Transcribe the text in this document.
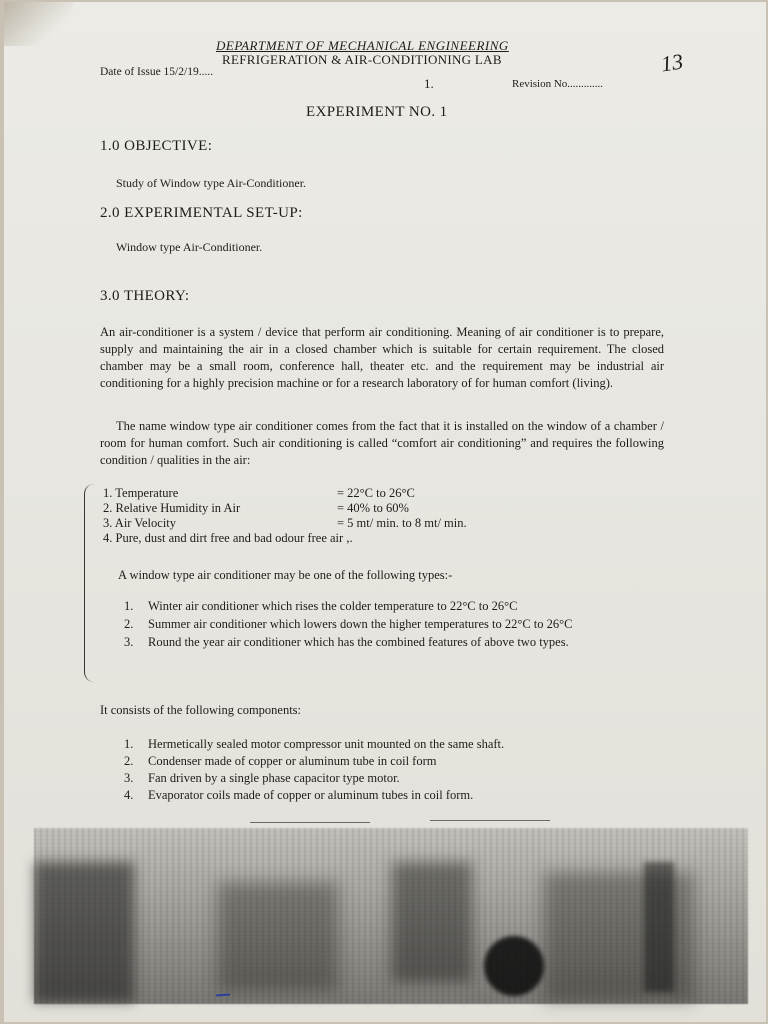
DEPARTMENT OF MECHANICAL ENGINEERING
REFRIGERATION & AIR-CONDITIONING LAB
Date of Issue 15/2/19.....
1.	Revision No.............
13
EXPERIMENT NO. 1
1.0 OBJECTIVE:
Study of Window type Air-Conditioner.
2.0 EXPERIMENTAL SET-UP:
Window type Air-Conditioner.
3.0 THEORY:
An air-conditioner is a system / device that perform air conditioning. Meaning of air conditioner is to prepare, supply and maintaining the air in a closed chamber which is suitable for certain requirement. The closed chamber may be a small room, conference hall, theater etc. and the requirement may be industrial air conditioning for a highly precision machine or for a research laboratory of for human comfort (living).
The name window type air conditioner comes from the fact that it is installed on the window of a chamber / room for human comfort. Such air conditioning is called “comfort air conditioning” and requires the following condition / qualities in the air:
1. Temperature	= 22°C to 26°C
2. Relative Humidity in Air	= 40% to 60%
3. Air Velocity	= 5 mt/ min. to 8 mt/ min.
4. Pure, dust and dirt free and bad odour free air ,.
A window type air conditioner may be one of the following types:-
1. Winter air conditioner which rises the colder temperature to 22°C to 26°C
2. Summer air conditioner which lowers down the higher temperatures to 22°C to 26°C
3. Round the year air conditioner which has the combined features of above two types.
It consists of the following components:
1. Hermetically sealed motor compressor unit mounted on the same shaft.
2. Condenser made of copper or aluminum tube in coil form
3. Fan driven by a single phase capacitor type motor.
4. Evaporator coils made of copper or aluminum tubes in coil form.
